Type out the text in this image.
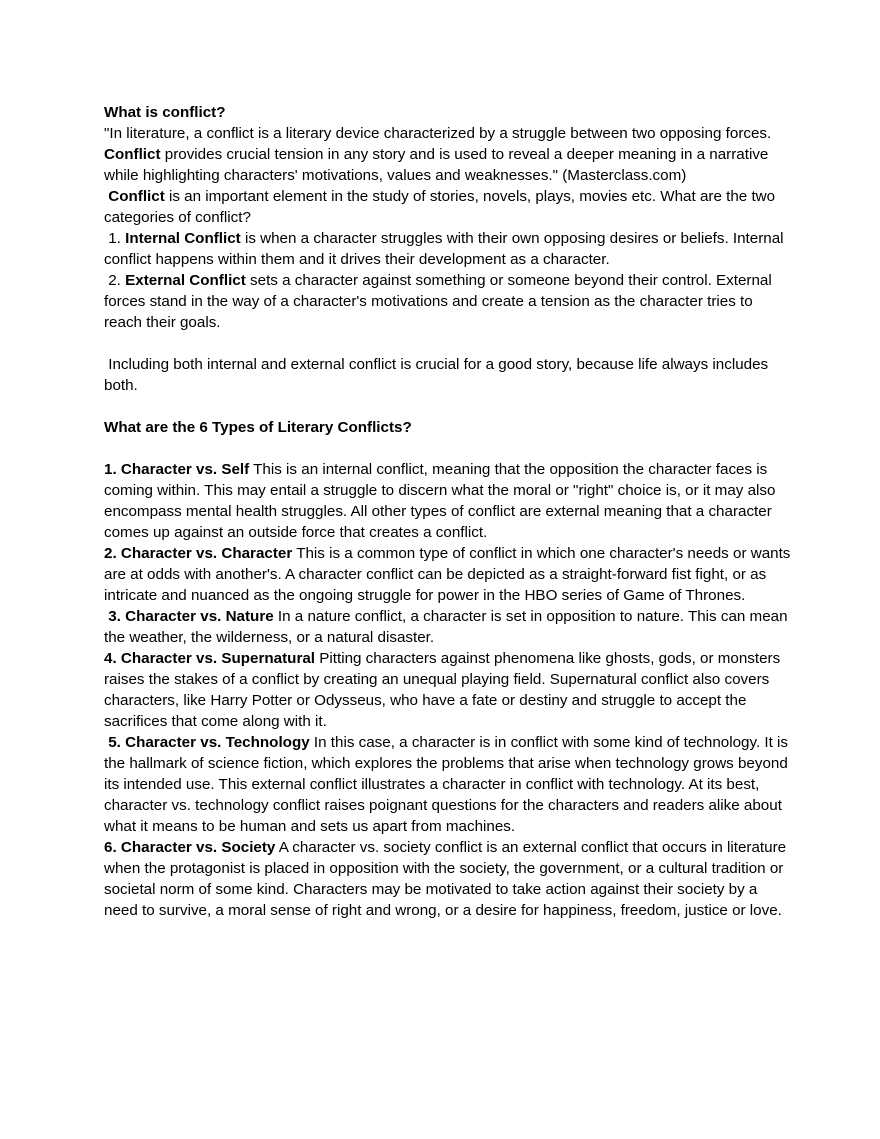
What is conflict?

"In literature, a conflict is a literary device characterized by a struggle between two opposing forces. Conflict provides crucial tension in any story and is used to reveal a deeper meaning in a narrative while highlighting characters' motivations, values and weaknesses." (Masterclass.com)

Conflict is an important element in the study of stories, novels, plays, movies etc. What are the two categories of conflict?

1. Internal Conflict is when a character struggles with their own opposing desires or beliefs. Internal conflict happens within them and it drives their development as a character.

2. External Conflict sets a character against something or someone beyond their control. External forces stand in the way of a character's motivations and create a tension as the character tries to reach their goals.

Including both internal and external conflict is crucial for a good story, because life always includes both.

What are the 6 Types of Literary Conflicts?

1. Character vs. Self This is an internal conflict, meaning that the opposition the character faces is coming within. This may entail a struggle to discern what the moral or "right" choice is, or it may also encompass mental health struggles. All other types of conflict are external meaning that a character comes up against an outside force that creates a conflict.

2. Character vs. Character This is a common type of conflict in which one character's needs or wants are at odds with another's. A character conflict can be depicted as a straight-forward fist fight, or as intricate and nuanced as the ongoing struggle for power in the HBO series of Game of Thrones.

3. Character vs. Nature In a nature conflict, a character is set in opposition to nature. This can mean the weather, the wilderness, or a natural disaster.

4. Character vs. Supernatural Pitting characters against phenomena like ghosts, gods, or monsters raises the stakes of a conflict by creating an unequal playing field. Supernatural conflict also covers characters, like Harry Potter or Odysseus, who have a fate or destiny and struggle to accept the sacrifices that come along with it.

5. Character vs. Technology In this case, a character is in conflict with some kind of technology. It is the hallmark of science fiction, which explores the problems that arise when technology grows beyond its intended use. This external conflict illustrates a character in conflict with technology. At its best, character vs. technology conflict raises poignant questions for the characters and readers alike about what it means to be human and sets us apart from machines.

6. Character vs. Society A character vs. society conflict is an external conflict that occurs in literature when the protagonist is placed in opposition with the society, the government, or a cultural tradition or societal norm of some kind. Characters may be motivated to take action against their society by a need to survive, a moral sense of right and wrong, or a desire for happiness, freedom, justice or love.
